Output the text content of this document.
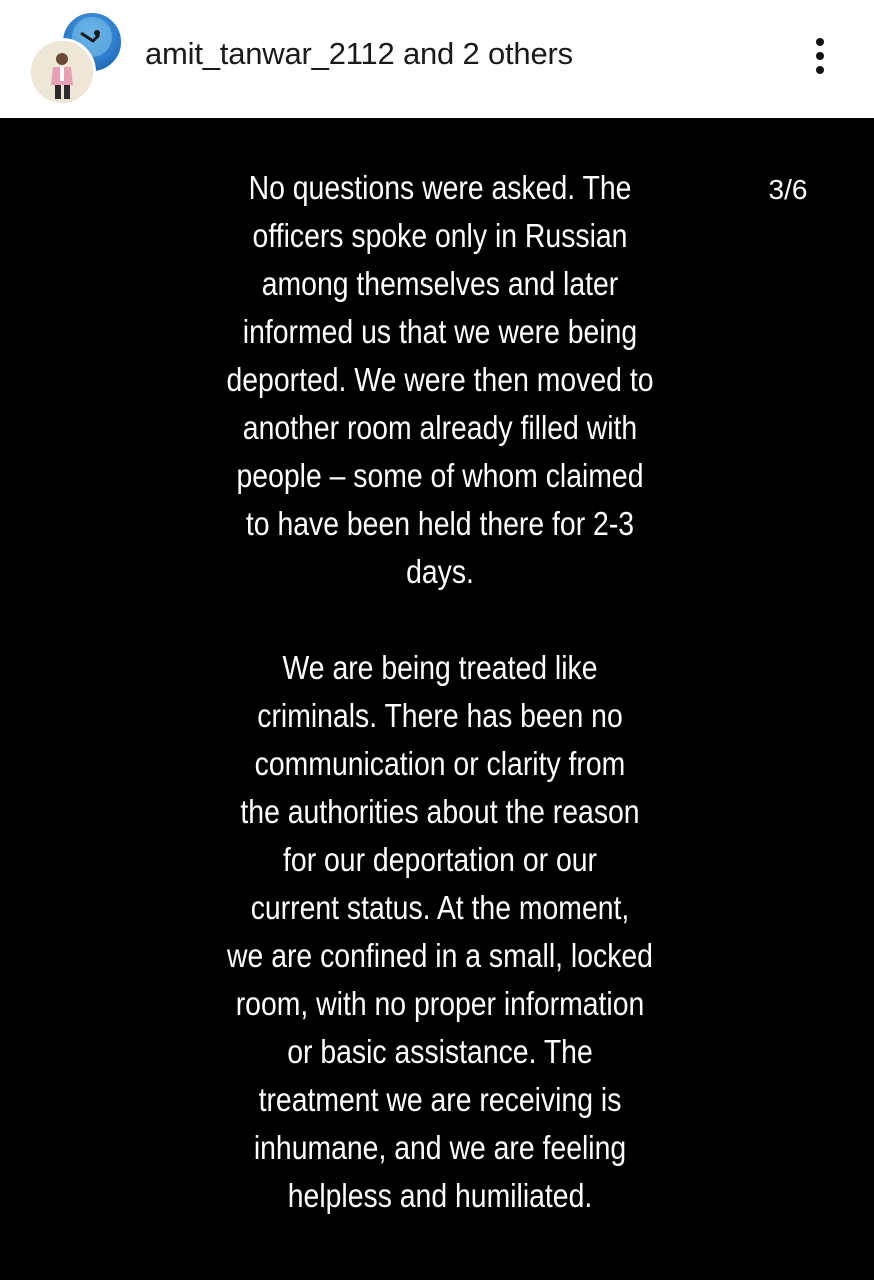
amit_tanwar_2112 and 2 others
3/6
No questions were asked. The
officers spoke only in Russian
among themselves and later
informed us that we were being
deported. We were then moved to
another room already filled with
people – some of whom claimed
to have been held there for 2-3
days.
We are being treated like
criminals. There has been no
communication or clarity from
the authorities about the reason
for our deportation or our
current status. At the moment,
we are confined in a small, locked
room, with no proper information
or basic assistance. The
treatment we are receiving is
inhumane, and we are feeling
helpless and humiliated.
